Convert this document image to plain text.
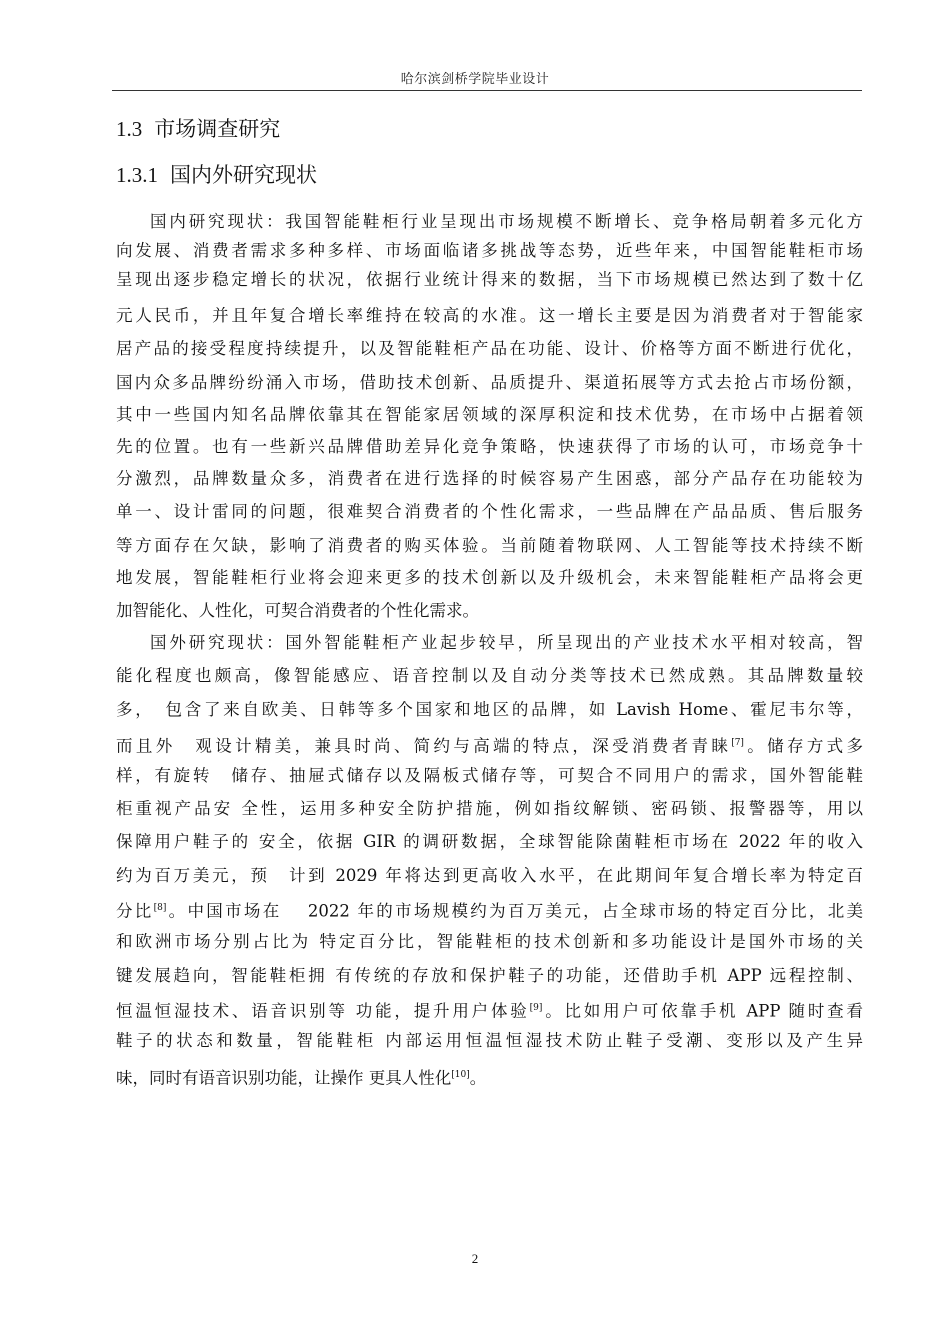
哈尔滨剑桥学院毕业设计
1.3 市场调查研究
1.3.1 国内外研究现状
国内研究现状：我国智能鞋柜行业呈现出市场规模不断增长、竞争格局朝着多元化方
向发展、消费者需求多种多样、市场面临诸多挑战等态势，近些年来，中国智能鞋柜市场
呈现出逐步稳定增长的状况，依据行业统计得来的数据，当下市场规模已然达到了数十亿
元人民币，并且年复合增长率维持在较高的水准。这一增长主要是因为消费者对于智能家
居产品的接受程度持续提升，以及智能鞋柜产品在功能、设计、价格等方面不断进行优化，
国内众多品牌纷纷涌入市场，借助技术创新、品质提升、渠道拓展等方式去抢占市场份额，
其中一些国内知名品牌依靠其在智能家居领域的深厚积淀和技术优势，在市场中占据着领
先的位置。也有一些新兴品牌借助差异化竞争策略，快速获得了市场的认可，市场竞争十
分激烈，品牌数量众多，消费者在进行选择的时候容易产生困惑，部分产品存在功能较为
单一、设计雷同的问题，很难契合消费者的个性化需求，一些品牌在产品品质、售后服务
等方面存在欠缺，影响了消费者的购买体验。当前随着物联网、人工智能等技术持续不断
地发展，智能鞋柜行业将会迎来更多的技术创新以及升级机会，未来智能鞋柜产品将会更
加智能化、人性化，可契合消费者的个性化需求。
国外研究现状：国外智能鞋柜产业起步较早，所呈现出的产业技术水平相对较高，智
能化程度也颇高，像智能感应、语音控制以及自动分类等技术已然成熟。其品牌数量较
多，　包含了来自欧美、日韩等多个国家和地区的品牌，如 Lavish Home、霍尼韦尔等，
而且外　观设计精美，兼具时尚、简约与高端的特点，深受消费者青睐[7]。储存方式多
样，有旋转　储存、抽屉式储存以及隔板式储存等，可契合不同用户的需求，国外智能鞋
柜重视产品安 全性，运用多种安全防护措施，例如指纹解锁、密码锁、报警器等，用以
保障用户鞋子的 安全，依据 GIR 的调研数据，全球智能除菌鞋柜市场在 2022 年的收入
约为百万美元，预　计到 2029 年将达到更高收入水平，在此期间年复合增长率为特定百
分比[8]。中国市场在　 2022 年的市场规模约为百万美元，占全球市场的特定百分比，北美
和欧洲市场分别占比为 特定百分比，智能鞋柜的技术创新和多功能设计是国外市场的关
键发展趋向，智能鞋柜拥 有传统的存放和保护鞋子的功能，还借助手机 APP 远程控制、
恒温恒湿技术、语音识别等 功能，提升用户体验[9]。比如用户可依靠手机 APP 随时查看
鞋子的状态和数量，智能鞋柜 内部运用恒温恒湿技术防止鞋子受潮、变形以及产生异
味，同时有语音识别功能，让操作 更具人性化[10]。
2
